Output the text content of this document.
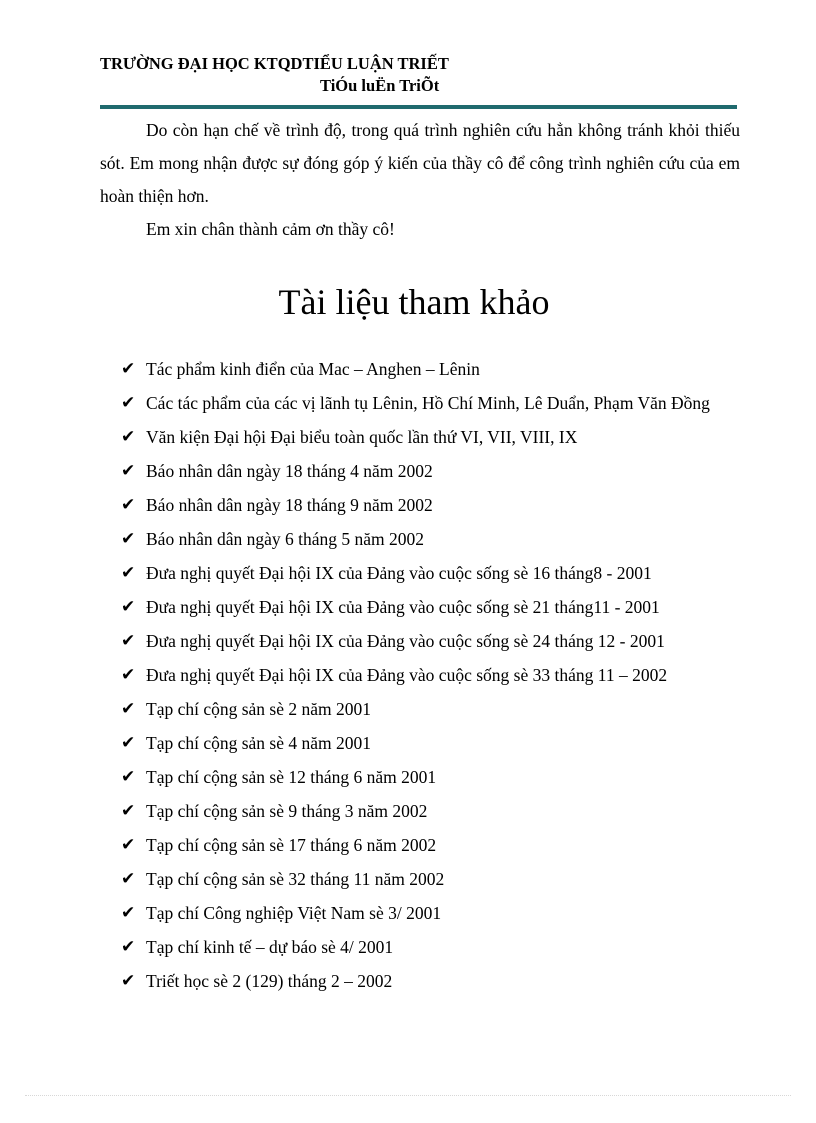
TRƯỜNG ĐẠI HỌC KTQDTIỂU LUẬN TRIẾT
TiÓu luËn TriÕt

Do còn hạn chế về trình độ, trong quá trình nghiên cứu hẳn không tránh khỏi thiếu sót. Em mong nhận được sự đóng góp ý kiến của thầy cô để công trình nghiên cứu của em hoàn thiện hơn.

Em xin chân thành cảm ơn thầy cô!

Tài liệu tham khảo
✔ Tác phẩm kinh điển của Mac – Anghen – Lênin
✔ Các tác phẩm của các vị lãnh tụ Lênin, Hồ Chí Minh, Lê Duẩn, Phạm Văn Đồng
✔ Văn kiện Đại hội Đại biểu toàn quốc lần thứ VI, VII, VIII, IX
✔ Báo nhân dân ngày 18 tháng 4 năm 2002
✔ Báo nhân dân ngày 18 tháng 9 năm 2002
✔ Báo nhân dân ngày 6 tháng 5 năm 2002
✔ Đưa nghị quyết Đại hội IX của Đảng vào cuộc sống sè 16 tháng8 - 2001
✔ Đưa nghị quyết Đại hội IX của Đảng vào cuộc sống sè 21 tháng11 - 2001
✔ Đưa nghị quyết Đại hội IX của Đảng vào cuộc sống sè 24 tháng 12 - 2001
✔ Đưa nghị quyết Đại hội IX của Đảng vào cuộc sống sè 33 tháng 11 – 2002
✔ Tạp chí cộng sản sè 2 năm 2001
✔ Tạp chí cộng sản sè 4 năm 2001
✔ Tạp chí cộng sản sè 12 tháng 6 năm 2001
✔ Tạp chí cộng sản sè 9 tháng 3 năm 2002
✔ Tạp chí cộng sản sè 17 tháng 6 năm 2002
✔ Tạp chí cộng sản sè 32 tháng 11 năm 2002
✔ Tạp chí Công nghiệp Việt Nam sè 3/ 2001
✔ Tạp chí kinh tế – dự báo sè 4/ 2001
✔ Triết học sè 2 (129) tháng 2 – 2002
